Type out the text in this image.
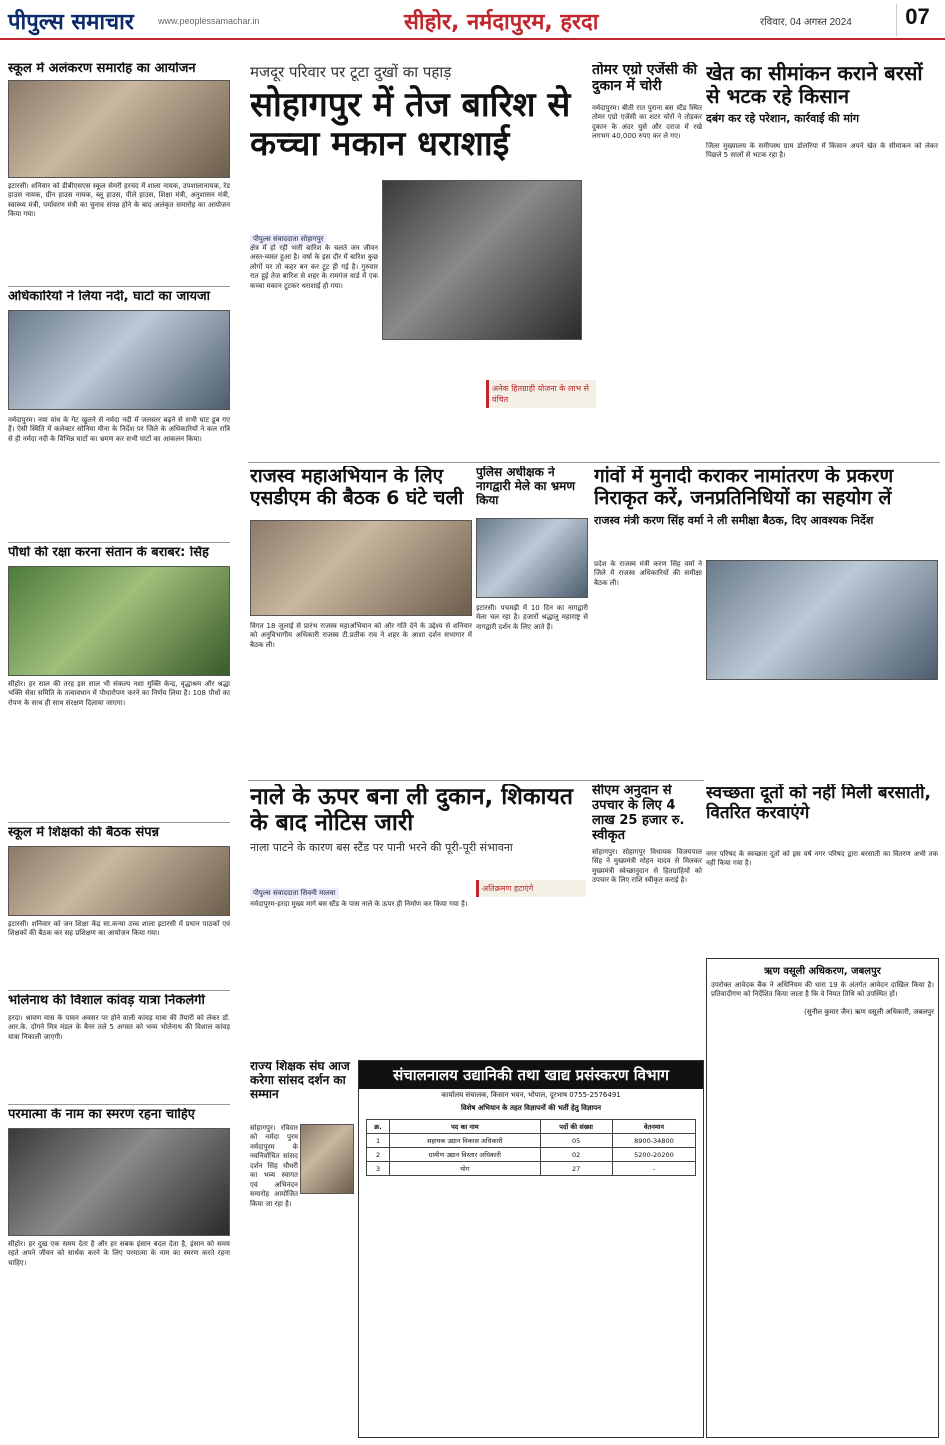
पीपुल्स समाचार	www.peoplessamachar.in	सीहोर, नर्मदापुरम, हरदा	रविवार, 04 अगस्त 2024	07
स्कूल में अलंकरण समारोह का आयोजन
इटारसी। शनिवार को डीबीएसएस स्कूल सेमरी हरचंद में शाला नायक, उपशालानायक, रेड हाउस नायक, ग्रीन हाउस नायक, ब्लू हाउस, पीले हाउस, शिक्षा मंत्री, अनुशासन मंत्री, स्वास्थ्य मंत्री, पर्यावरण मंत्री का चुनाव संपन्न होने के बाद अलंकृत समारोह का आयोजन किया गया।
अधिकारियों ने लिया नदी, घाटों का जायजा
नर्मदापुरम। नया वांध के गेट खुलने से नर्मदा नदी में जलस्तर बढ़ने से सभी घाट डूब गए हैं। ऐसी स्थिति में कलेक्टर सोनिया मीना के निर्देश पर जिले के अधिकारियों ने कल रात्रि से ही नर्मदा नदी के विभिन्न घाटों का भ्रमण कर सभी घाटों का आकलन किया।
पौधों की रक्षा करना संतान के बराबर: सिंह
सीहोर। हर साल की तरह इस साल भी संकल्प नशा मुक्ति केन्द्र, वृद्धाश्रम और श्रद्धा भक्ति सेवा समिति के तत्वावधान में पौधारोपण करने का निर्णय लिया है। 108 पौधों का रोपण के साथ ही साथ संरक्षण दिलाया जाएगा।
स्कूल में शिक्षकों की बैठक संपन्न
इटारसी। शनिवार को जन शिक्षा केंद्र सा.कन्या उच्च शाला इटारसी में प्रधान पाठकों एवं शिक्षकों की बैठक कर सह प्रशिक्षण का आयोजन किया गया।
भोलेनाथ की विशाल कांवड़ यात्रा निकलेगी
हरदा। श्रावण मास के पावन अवसर पर होने वाली कांवड़ यात्रा की तैयारी को लेकर डॉ. आर.के. दोगने मित्र मंडल के बैनर तले 5 अगस्त को भव्य भोलेनाथ की विशाल कांवड़ यात्रा निकाली जाएगी।
परमात्मा के नाम का स्मरण रहना चाहिए
सीहोर। हर दुख एक समय देता है और हर सबक इंसान बदल देता है, इंसान को समय रहते अपने जीवन को सार्थक करने के लिए परमात्मा के नाम का स्मरण करते रहना चाहिए।
मजदूर परिवार पर टूटा दुखों का पहाड़
सोहागपुर में तेज बारिश से कच्चा मकान धराशाई
पीपुल्स संवाददाता सोहागपुर
क्षेत्र में हो रही भारी बारिश के चलते जन जीवन अस्त-व्यस्त हुआ है। वर्षा के इस दौर में बारिश कुछ लोगों पर तो कहर बन कर टूट ही गई है। गुरुवार रात हुई तेज बारिश से शहर के रामगंज वार्ड में एक कच्चा मकान टूटकर धराशाई हो गया।
तोमर एग्रो एजेंसी की दुकान में चोरी
नर्मदापुरम। बीती रात पुराना बस स्टैंड स्थित तोमर एग्रो एजेंसी का शटर चोरों ने तोड़कर दुकान के अंदर घुसे और दराज में रखे लगभग 40,000 रुपए कर ले गए।
अनेक हितग्राही योजना के लाभ से वंचित
खेत का सीमांकन कराने बरसों से भटक रहे किसान
दबंग कर रहे परेशान, कार्रवाई की मांग
जिला मुख्यालय के समीपस्थ ग्राम डोलरिया में किसान अपने खेत के सीमांकन को लेकर पिछले 5 सालों से भटक रहा है।
राजस्व महाअभियान के लिए एसडीएम की बैठक 6 घंटे चली
विगत 18 जुलाई से प्रारंभ राजस्व महाअभियान को और गति देने के उद्देश्य से शनिवार को अनुविभागीय अधिकारी राजस्व टी.प्रतीक राव ने शहर के आशा दर्शन सभागार में बैठक ली।
पुलिस अधीक्षक ने नागद्वारी मेले का भ्रमण किया
इटारसी। पचमढ़ी में 10 दिन का नागद्वारी मेला चल रहा है। हजारों श्रद्धालु महाराष्ट्र से नागद्वारी दर्शन के लिए आते हैं।
गांवों में मुनादी कराकर नामांतरण के प्रकरण निराकृत करें, जनप्रतिनिधियों का सहयोग लें
राजस्व मंत्री करण सिंह वर्मा ने ली समीक्षा बैठक, दिए आवश्यक निर्देश
प्रदेश के राजस्व मंत्री करण सिंह वर्मा ने जिले में राजस्व अधिकारियों की समीक्षा बैठक ली।
नाले के ऊपर बना ली दुकान, शिकायत के बाद नोटिस जारी
नाला पाटने के कारण बस स्टैंड पर पानी भरने की पूरी-पूरी संभावना
पीपुल्स संवाददाता सिवनी मालवा
नर्मदापुरम-हरदा मुख्य मार्ग बस स्टैंड के पास नाले के ऊपर ही निर्माण कर किया गया है।
अतिक्रमण हटाएंगे
सीएम अनुदान से उपचार के लिए 4 लाख 25 हजार रु. स्वीकृत
सोहागपुर। सोहागपुर विधायक विजयपाल सिंह ने मुख्यमंत्री मोहन यादव से मिलकर मुख्यमंत्री स्वेच्छानुदान से हितग्राहियों को उपचार के लिए राशि स्वीकृत कराई है।
स्वच्छता दूतों को नहीं मिली बरसाती, वितरित करवाएंगे
नगर परिषद के स्वच्छता दूतों को इस वर्ष नगर परिषद द्वारा बरसाती का वितरण अभी तक नहीं किया गया है।
राज्य शिक्षक संघ आज करेगा सांसद दर्शन का सम्मान
सोहागपुर। रविवार को नर्मदा पुरम नर्मदापुरम के नवनिर्वाचित सांसद दर्शन सिंह चौधरी का भव्य स्वागत एवं अभिनंदन समारोह आयोजित किया जा रहा है।
संचालनालय उद्यानिकी तथा खाद्य प्रसंस्करण विभाग
कार्यालय संचालक, किसान भवन, भोपाल, दूरभाष 0755-2576491
विशेष अभियान के तहत विज्ञापनों की भर्ती हेतु विज्ञापन
क्र.	पद का नाम	पदों की संख्या	वेतनमान
1	सहायक उद्यान विकास अधिकारी	05	8900-34800
2	ग्रामीण उद्यान विस्तार अधिकारी	02	5200-20200
3	योग	27	-
ऋण वसूली अधिकरण, जबलपुर
उपरोक्त आवेदक बैंक ने अधिनियम की धारा 19 के अंतर्गत आवेदन दाखिल किया है। प्रतिवादीगण को निर्देशित किया जाता है कि वे नियत तिथि को उपस्थित हों।
(सुनील कुमार जैन) ऋण वसूली अधिकारी, जबलपुर
